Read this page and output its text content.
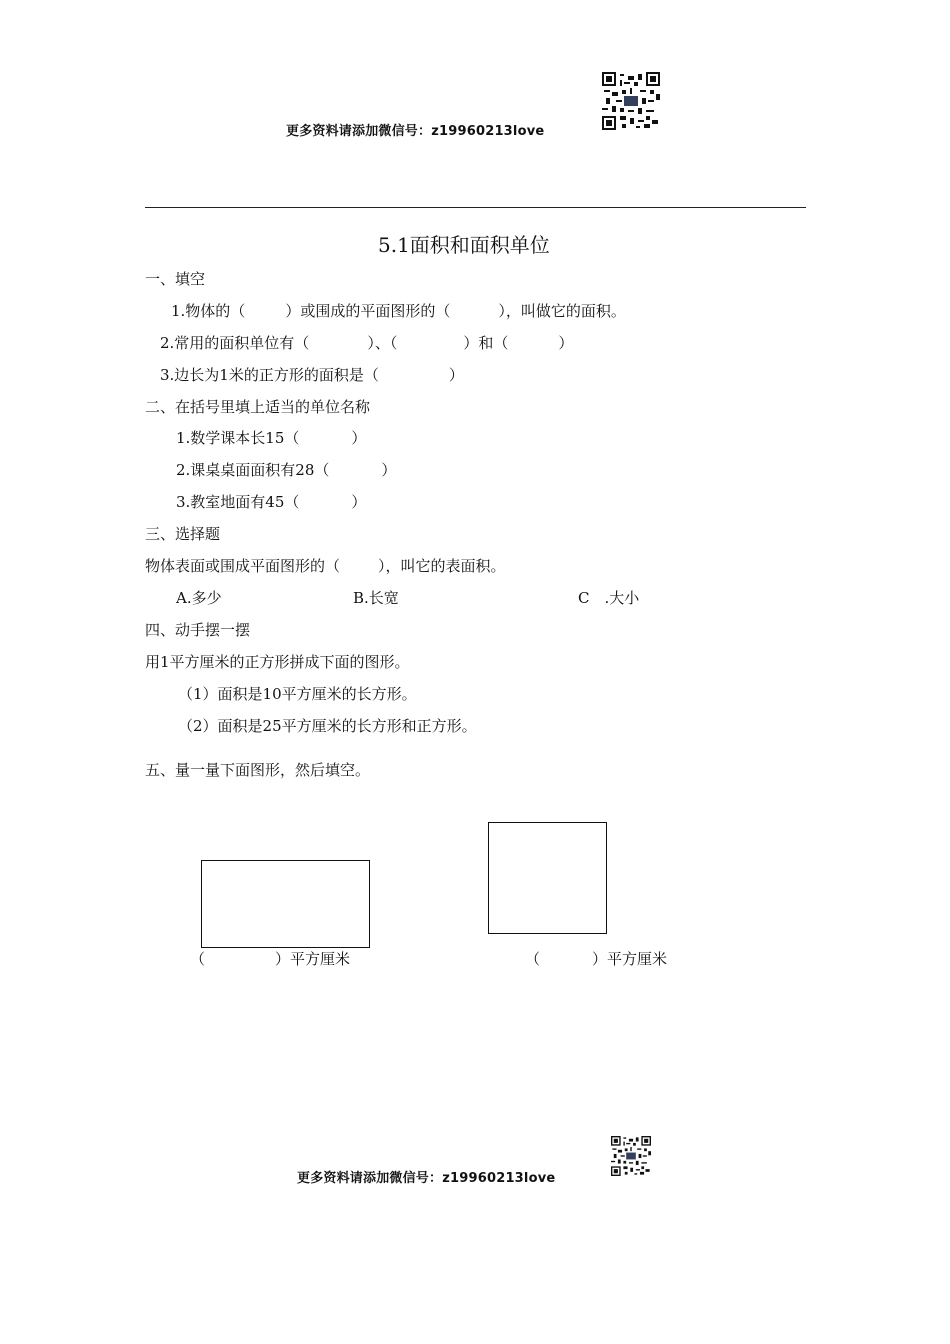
更多资料请添加微信号：z19960213love
5.1面积和面积单位
一、填空
1.物体的（	）或围成的平面图形的（	），叫做它的面积。
2.常用的面积单位有（	）、（	）和（	）
3.边长为1米的正方形的面积是（	）
二、在括号里填上适当的单位名称
1.数学课本长15（	）
2.课桌桌面面积有28（	）
3.教室地面有45（	）
三、选择题
物体表面或围成平面图形的（	），叫它的表面积。
A.多少	B.长宽	C　.大小
四、动手摆一摆
用1平方厘米的正方形拼成下面的图形。
（1）面积是10平方厘米的长方形。
（2）面积是25平方厘米的长方形和正方形。
五、量一量下面图形，然后填空。
（	）平方厘米	（	）平方厘米
更多资料请添加微信号：z19960213love
